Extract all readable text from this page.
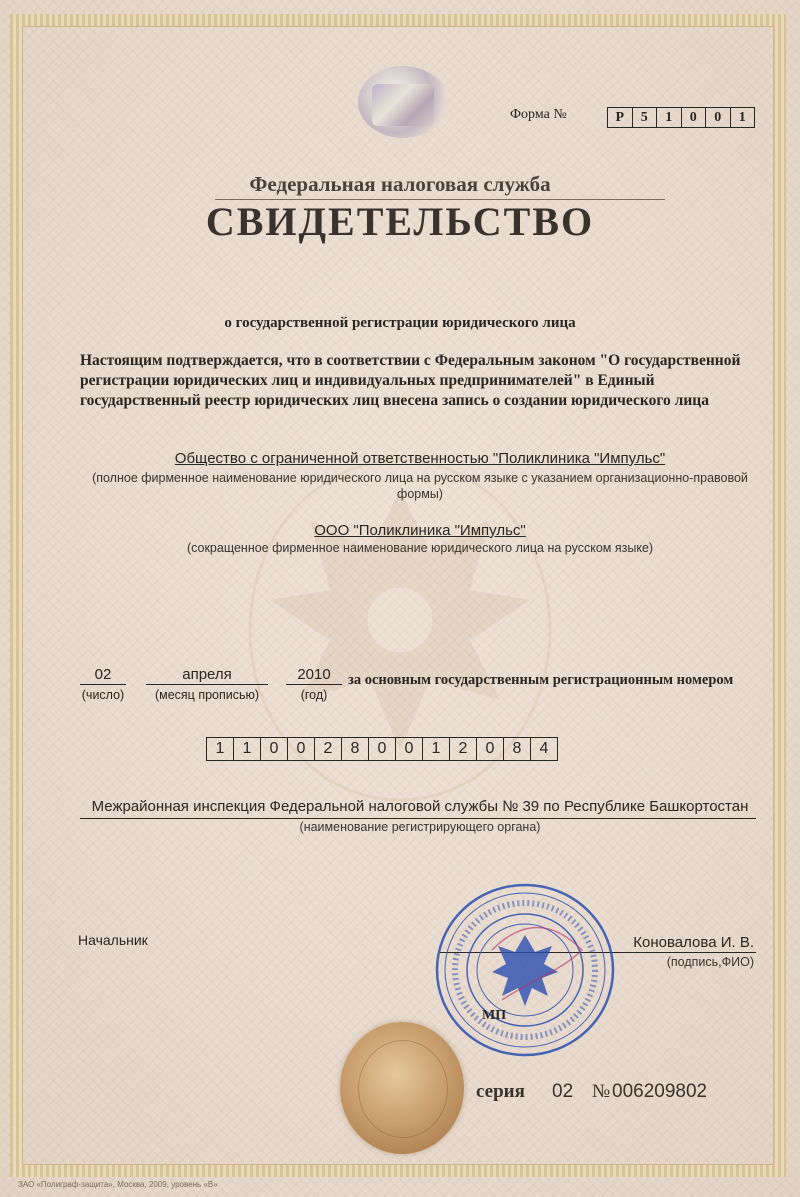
Форма №	Р	5	1	0	0	1
Федеральная налоговая служба
СВИДЕТЕЛЬСТВО
о государственной регистрации юридического лица
Настоящим подтверждается, что в соответствии с Федеральным законом "О государственной регистрации юридических лиц и индивидуальных предпринимателей" в Единый государственный реестр юридических лиц внесена запись о создании юридического лица
Общество с ограниченной ответственностью "Поликлиника "Импульс"
(полное фирменное наименование юридического лица на русском языке с указанием организационно-правовой формы)
ООО "Поликлиника "Импульс"
(сокращенное фирменное наименование юридического лица на русском языке)
02
(число)
апреля
(месяц прописью)
2010
(год)
за основным государственным регистрационным номером
1	1	0	0	2	8	0	0	1	2	0	8	4
Межрайонная инспекция Федеральной налоговой службы № 39 по Республике Башкортостан
(наименование регистрирующего органа)
Начальник	Коновалова И. В.
(подпись,ФИО)
МП
серия 02 № 006209802
ЗАО «Полиграф-защита», Москва, 2009, уровень «В»
